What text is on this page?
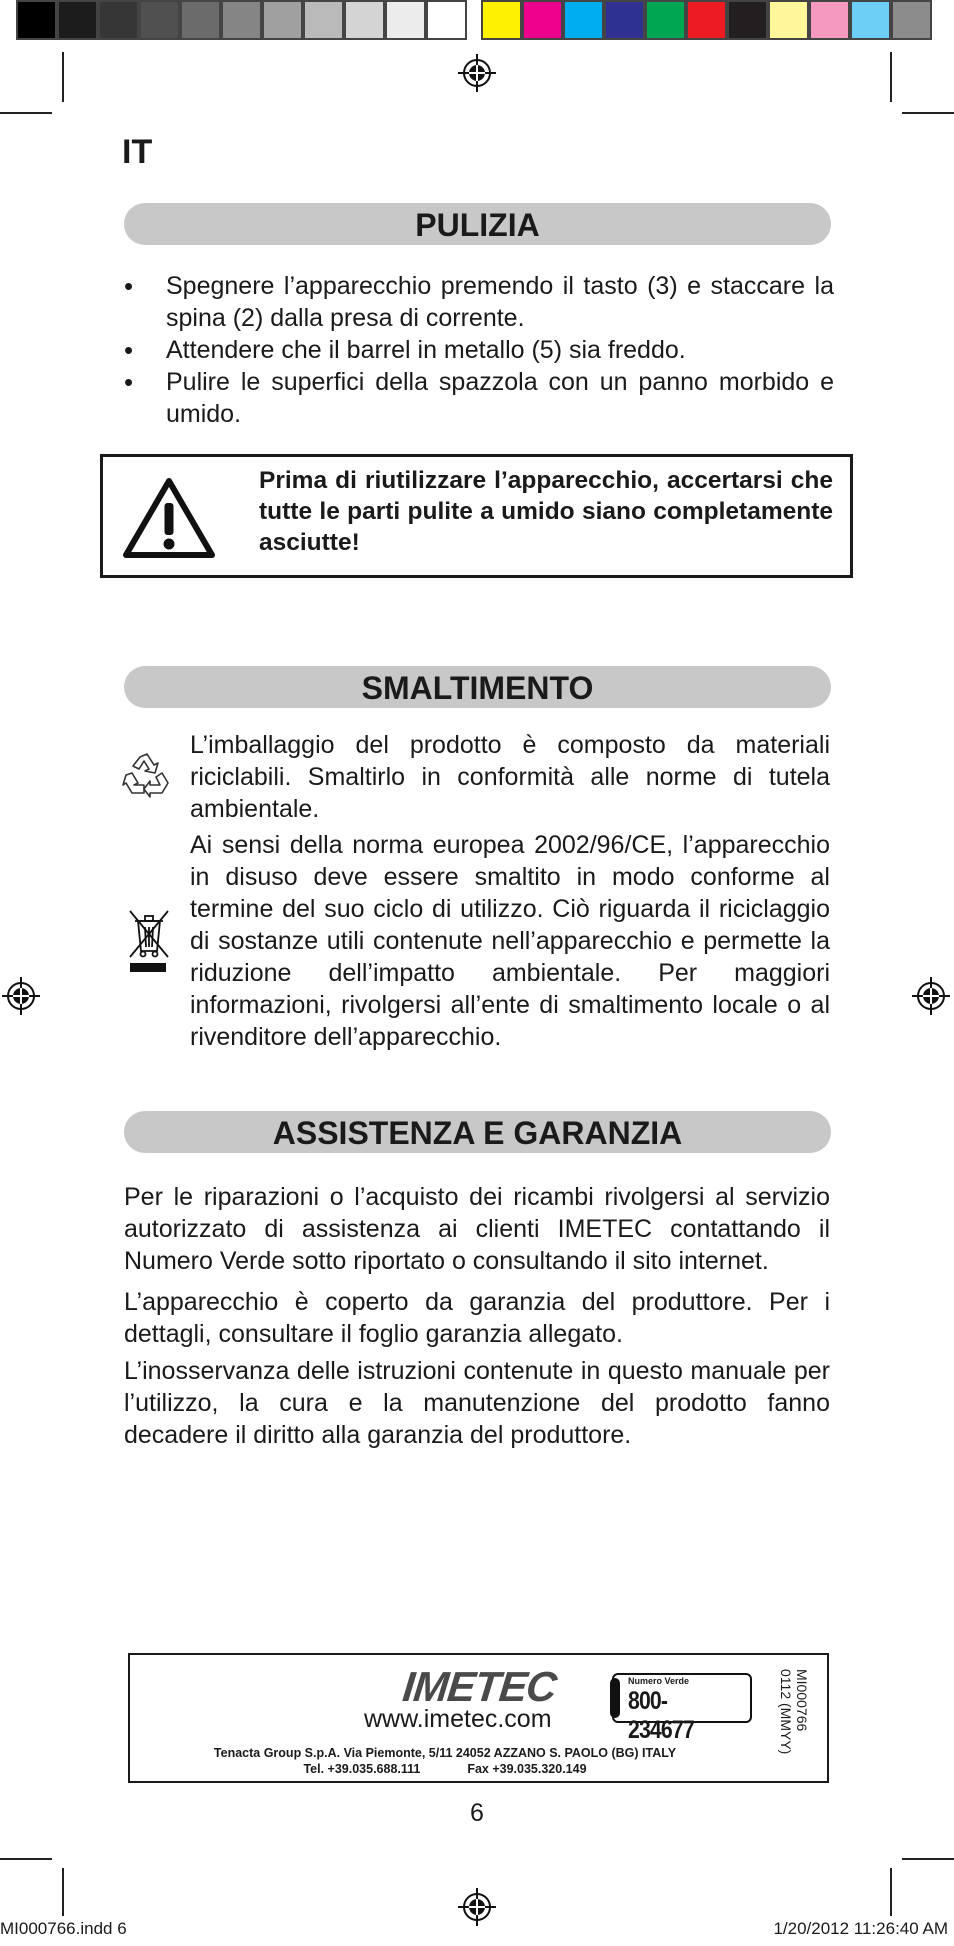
IT
PULIZIA
• Spegnere l’apparecchio premendo il tasto (3) e staccare la spina (2) dalla presa di corrente.
• Attendere che il barrel in metallo (5) sia freddo.
• Pulire le superfici della spazzola con un panno morbido e umido.
Prima di riutilizzare l’apparecchio, accertarsi che tutte le parti pulite a umido siano completamente asciutte!
SMALTIMENTO
L’imballaggio del prodotto è composto da materiali riciclabili. Smaltirlo in conformità alle norme di tutela ambientale.
Ai sensi della norma europea 2002/96/CE, l’apparecchio in disuso deve essere smaltito in modo conforme al termine del suo ciclo di utilizzo. Ciò riguarda il riciclaggio di sostanze utili contenute nell’apparecchio e permette la riduzione dell’impatto ambientale. Per maggiori informazioni, rivolgersi all’ente di smaltimento locale o al rivenditore dell’apparecchio.
ASSISTENZA E GARANZIA
Per le riparazioni o l’acquisto dei ricambi rivolgersi al servizio autorizzato di assistenza ai clienti IMETEC contattando il Numero Verde sotto riportato o consultando il sito internet.
L’apparecchio è coperto da garanzia del produttore. Per i dettagli, consultare il foglio garanzia allegato.
L’inosservanza delle istruzioni contenute in questo manuale per l’utilizzo, la cura e la manutenzione del prodotto fanno decadere il diritto alla garanzia del produttore.
IMETEC
www.imetec.com
Numero Verde
800-234677	MI000766
0112 (MMYY)
Tenacta Group S.p.A. Via Piemonte, 5/11 24052 AZZANO S. PAOLO (BG) ITALY
Tel. +39.035.688.111	Fax +39.035.320.149
6
MI000766.indd 6	1/20/2012 11:26:40 AM
